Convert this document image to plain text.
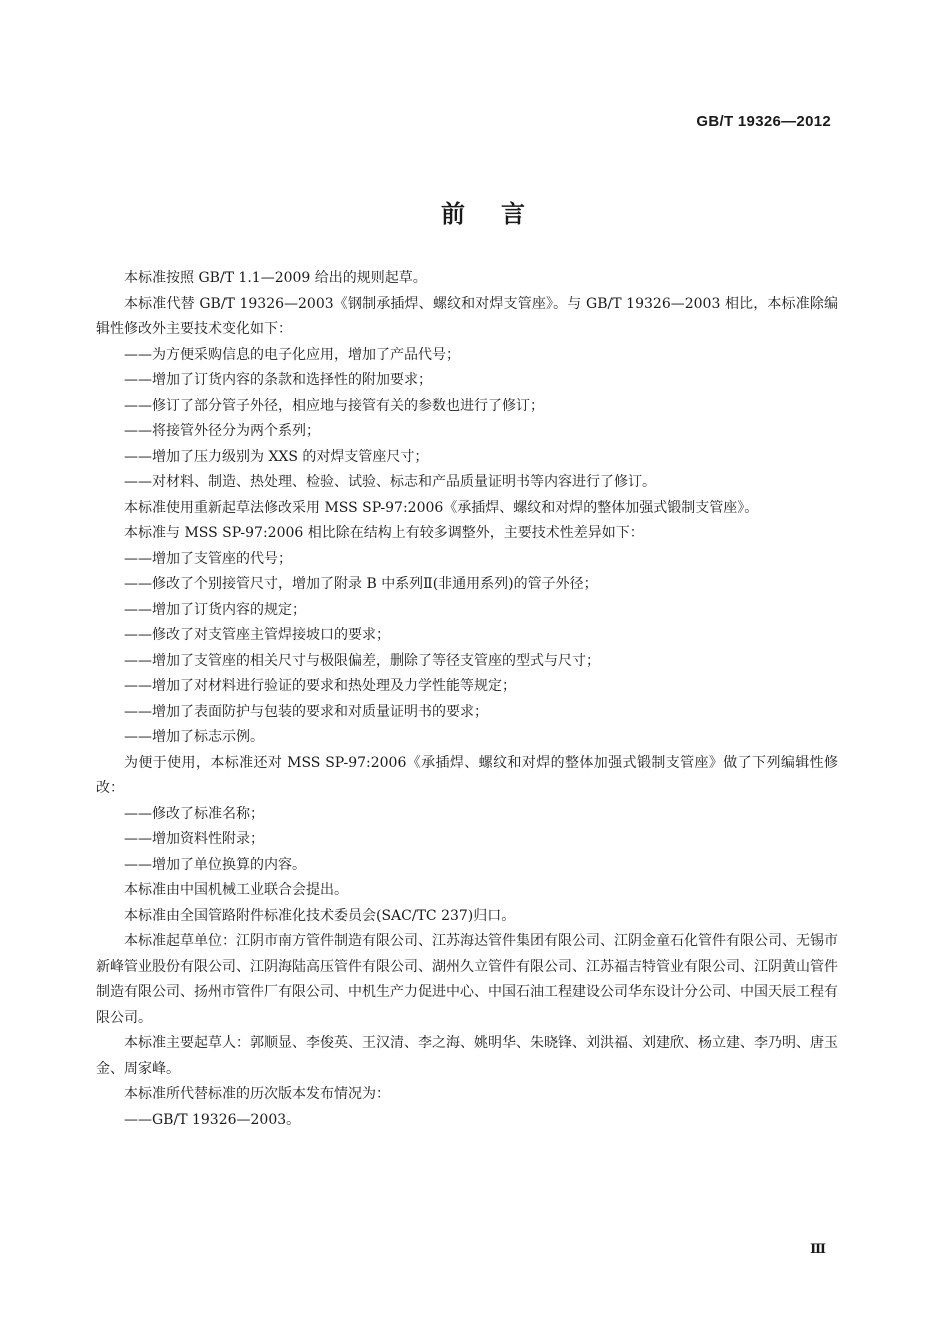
GB/T 19326—2012
前言

本标准按照 GB/T 1.1—2009 给出的规则起草。

本标准代替 GB/T 19326—2003《钢制承插焊、螺纹和对焊支管座》。与 GB/T 19326—2003 相比，本标准除编辑性修改外主要技术变化如下：

——为方便采购信息的电子化应用，增加了产品代号；

——增加了订货内容的条款和选择性的附加要求；

——修订了部分管子外径，相应地与接管有关的参数也进行了修订；

——将接管外径分为两个系列；

——增加了压力级别为 XXS 的对焊支管座尺寸；

——对材料、制造、热处理、检验、试验、标志和产品质量证明书等内容进行了修订。

本标准使用重新起草法修改采用 MSS SP-97:2006《承插焊、螺纹和对焊的整体加强式锻制支管座》。

本标准与 MSS SP-97:2006 相比除在结构上有较多调整外，主要技术性差异如下：

——增加了支管座的代号；

——修改了个别接管尺寸，增加了附录 B 中系列Ⅱ(非通用系列)的管子外径；

——增加了订货内容的规定；

——修改了对支管座主管焊接坡口的要求；

——增加了支管座的相关尺寸与极限偏差，删除了等径支管座的型式与尺寸；

——增加了对材料进行验证的要求和热处理及力学性能等规定；

——增加了表面防护与包装的要求和对质量证明书的要求；

——增加了标志示例。

为便于使用，本标准还对 MSS SP-97:2006《承插焊、螺纹和对焊的整体加强式锻制支管座》做了下列编辑性修改：

——修改了标准名称；

——增加资料性附录；

——增加了单位换算的内容。

本标准由中国机械工业联合会提出。

本标准由全国管路附件标准化技术委员会(SAC/TC 237)归口。

本标准起草单位：江阴市南方管件制造有限公司、江苏海达管件集团有限公司、江阴金童石化管件有限公司、无锡市新峰管业股份有限公司、江阴海陆高压管件有限公司、湖州久立管件有限公司、江苏福吉特管业有限公司、江阴黄山管件制造有限公司、扬州市管件厂有限公司、中机生产力促进中心、中国石油工程建设公司华东设计分公司、中国天辰工程有限公司。

本标准主要起草人：郭顺显、李俊英、王汉清、李之海、姚明华、朱晓锋、刘洪福、刘建欣、杨立建、李乃明、唐玉金、周家峰。

本标准所代替标准的历次版本发布情况为：

——GB/T 19326—2003。

Ⅲ
